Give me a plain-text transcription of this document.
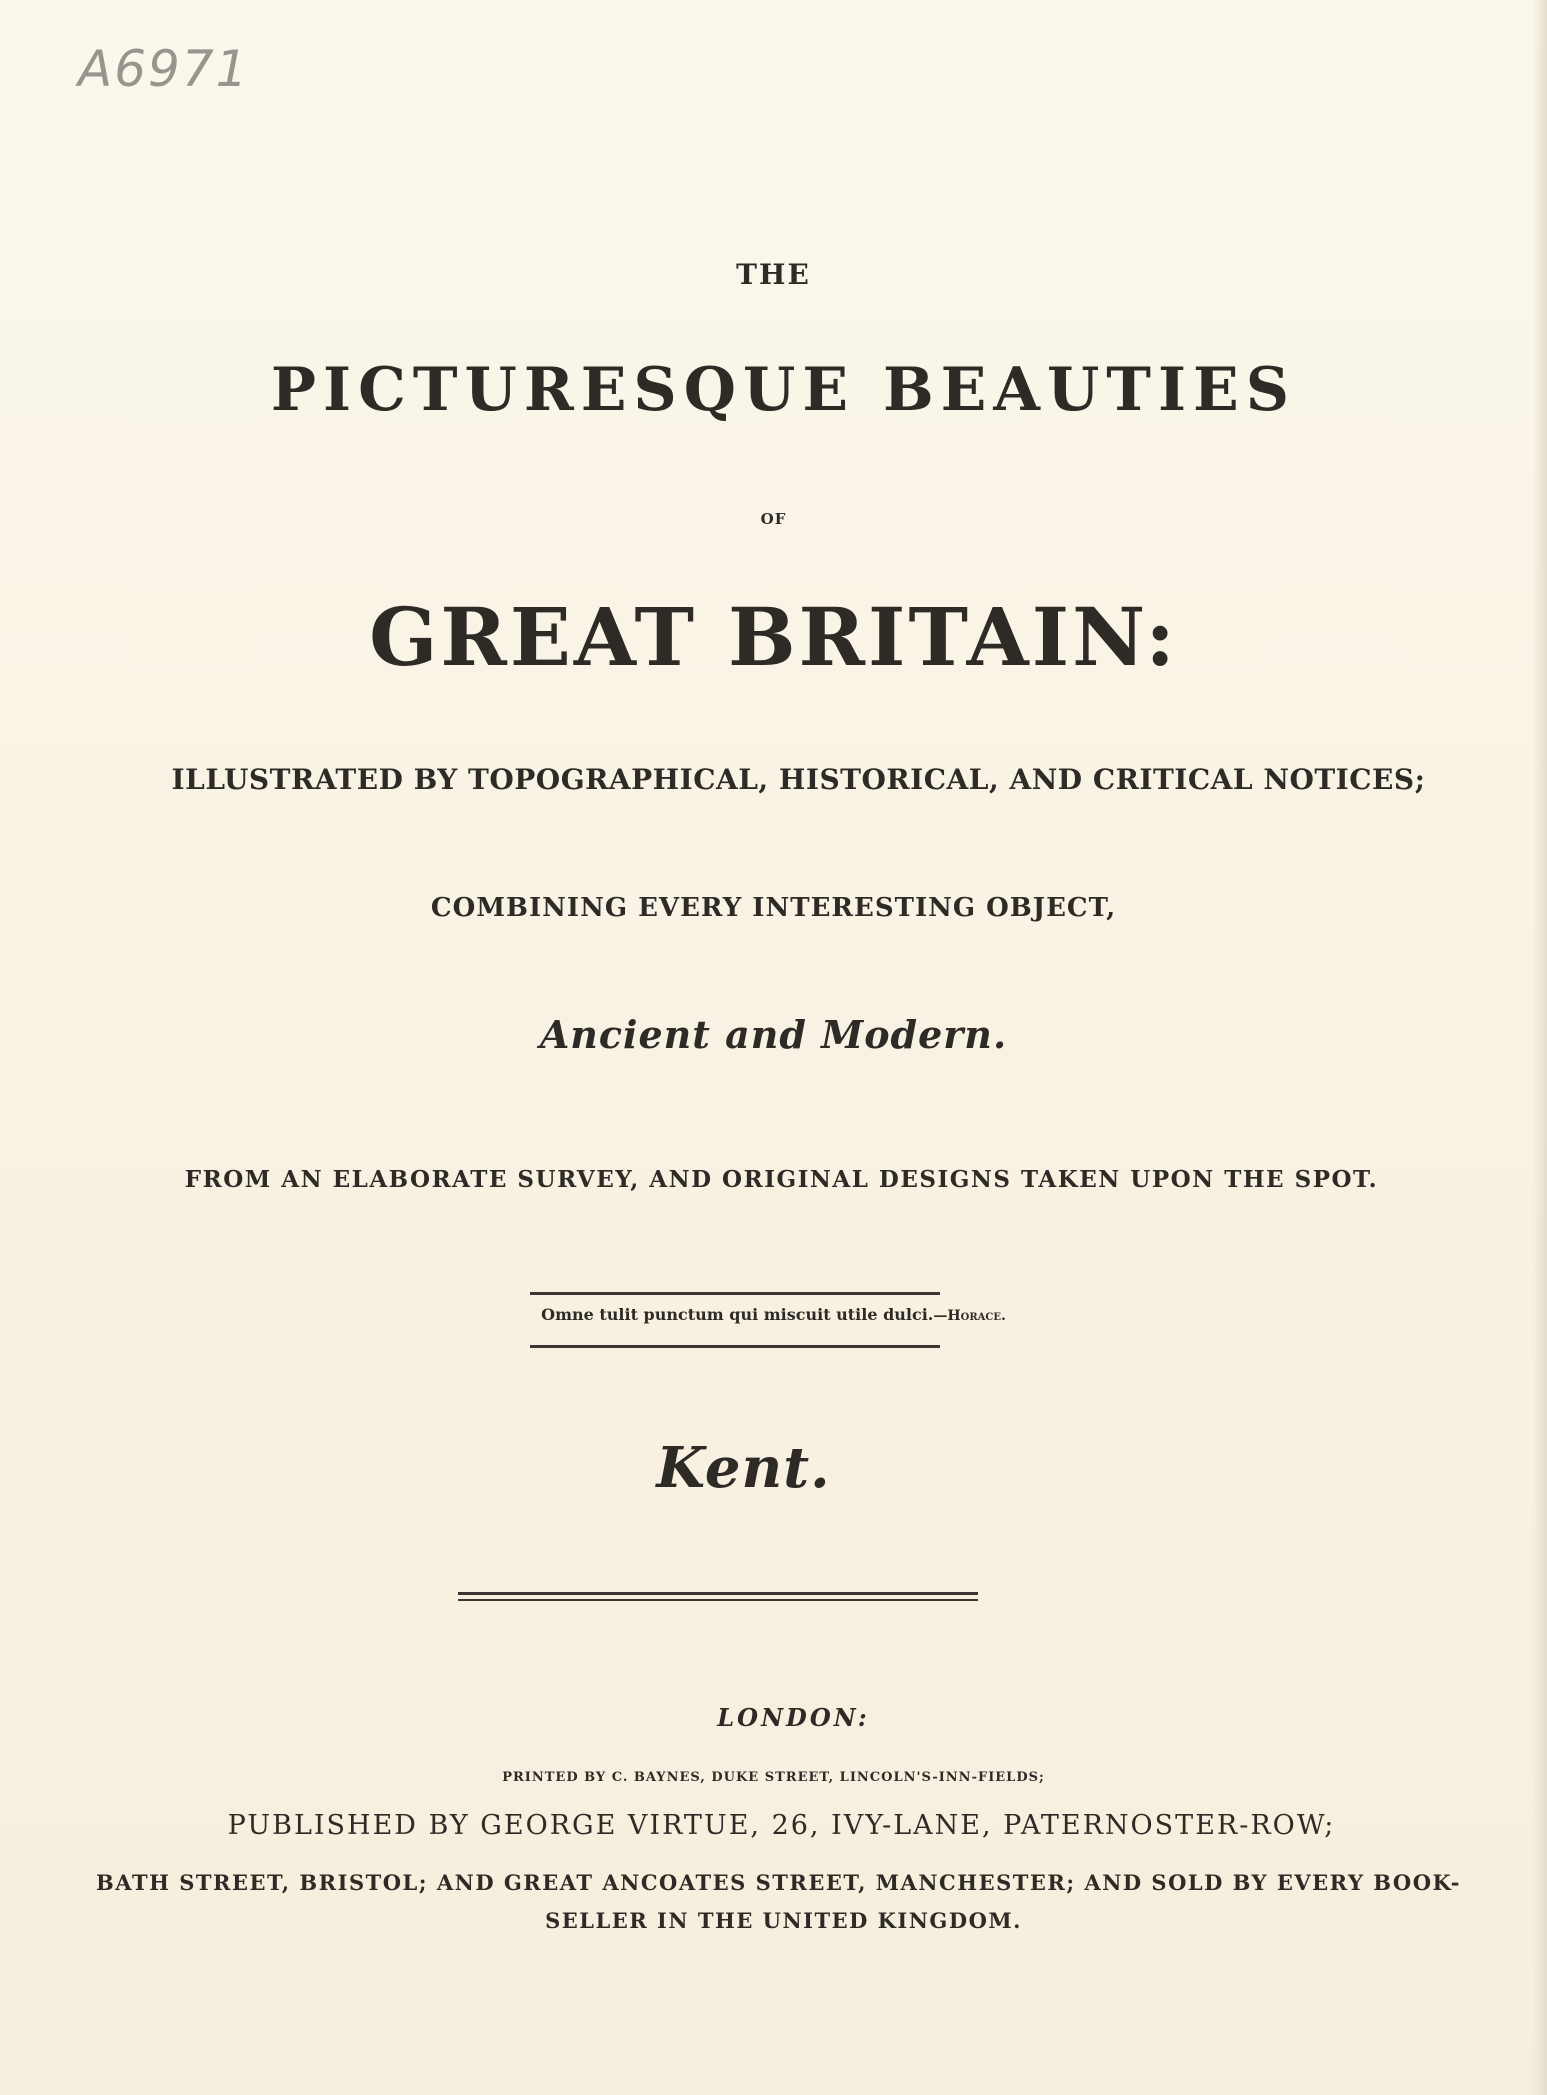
A6971
THE
PICTURESQUE BEAUTIES
OF
GREAT BRITAIN:
ILLUSTRATED BY TOPOGRAPHICAL, HISTORICAL, AND CRITICAL NOTICES;
COMBINING EVERY INTERESTING OBJECT,
Ancient and Modern.
FROM AN ELABORATE SURVEY, AND ORIGINAL DESIGNS TAKEN UPON THE SPOT.
Omne tulit punctum qui miscuit utile dulci.—Horace.
Kent.
LONDON:
PRINTED BY C. BAYNES, DUKE STREET, LINCOLN'S-INN-FIELDS;
PUBLISHED BY GEORGE VIRTUE, 26, IVY-LANE, PATERNOSTER-ROW;
BATH STREET, BRISTOL; AND GREAT ANCOATES STREET, MANCHESTER; AND SOLD BY EVERY BOOK-
SELLER IN THE UNITED KINGDOM.
